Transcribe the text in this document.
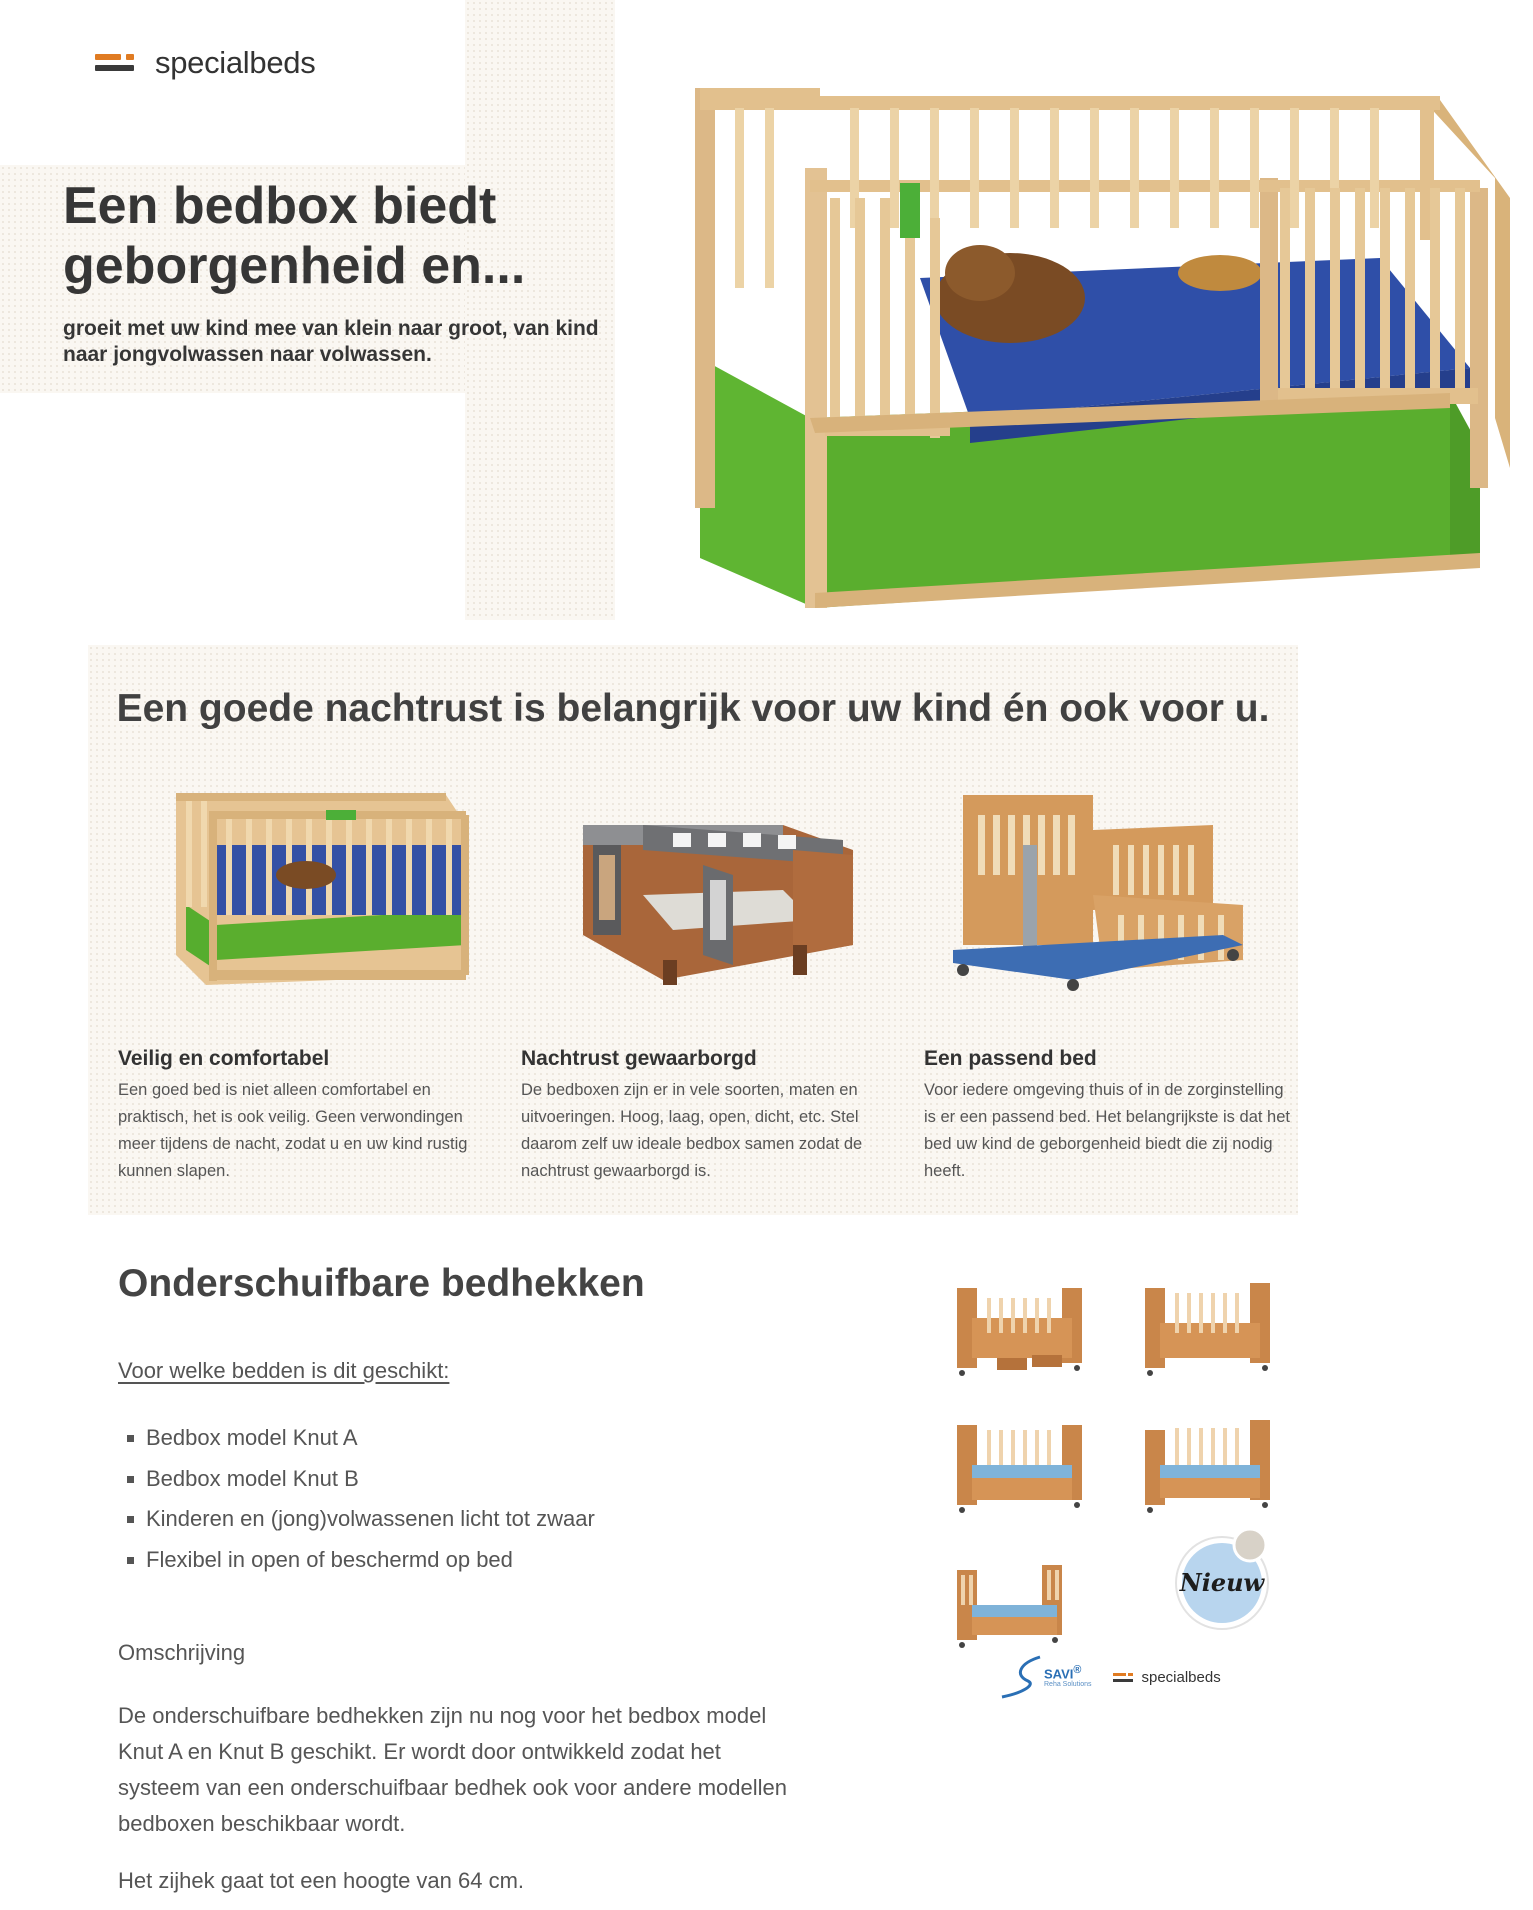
specialbeds
Een bedbox biedt geborgenheid en...

groeit met uw kind mee van klein naar groot, van kind naar jongvolwassen naar volwassen.

Een goede nachtrust is belangrijk voor uw kind én ook voor u.
Veilig en comfortabel

Een goed bed is niet alleen comfortabel en praktisch, het is ook veilig. Geen verwondingen meer tijdens de nacht, zodat u en uw kind rustig kunnen slapen.

Nachtrust gewaarborgd

De bedboxen zijn er in vele soorten, maten en uitvoeringen. Hoog, laag, open, dicht, etc. Stel daarom zelf uw ideale bedbox samen zodat de nachtrust gewaarborgd is.

Een passend bed

Voor iedere omgeving thuis of in de zorginstelling is er een passend bed. Het belangrijkste is dat het bed uw kind de geborgenheid biedt die zij nodig heeft.

Onderschuifbare bedhekken
Voor welke bedden is dit geschikt:
Bedbox model Knut A
Bedbox model Knut B
Kinderen en (jong)volwassenen licht tot zwaar
Flexibel in open of beschermd op bed

Omschrijving

De onderschuifbare bedhekken zijn nu nog voor het bedbox model Knut A en Knut B geschikt. Er wordt door ontwikkeld zodat het systeem van een onderschuifbaar bedhek ook voor andere modellen bedboxen beschikbaar wordt.

Het zijhek gaat tot een hoogte van 64 cm.

Nieuw
SAVI®
Reha Solutions	specialbeds
